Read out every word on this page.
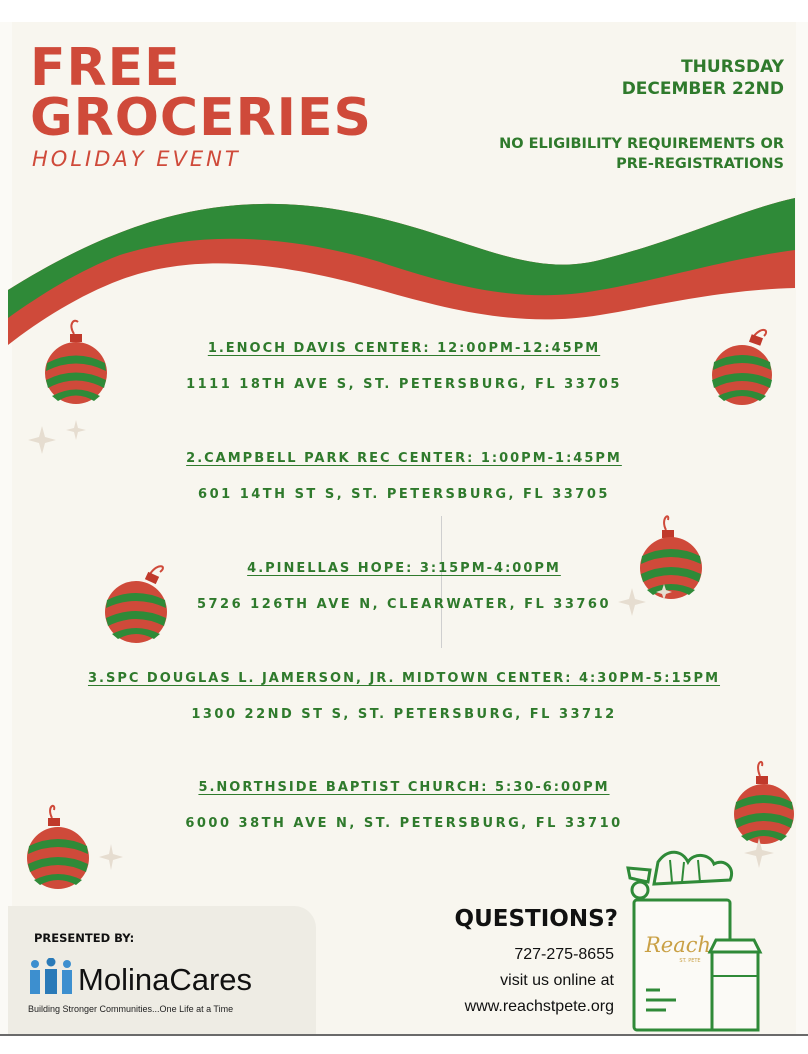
FREE
GROCERIES
HOLIDAY EVENT
THURSDAY
DECEMBER 22ND
NO ELIGIBILITY REQUIREMENTS OR
PRE-REGISTRATIONS
1.ENOCH DAVIS CENTER: 12:00PM-12:45PM
1111 18TH AVE S, ST. PETERSBURG, FL 33705
2.CAMPBELL PARK REC CENTER: 1:00PM-1:45PM
601 14TH ST S, ST. PETERSBURG, FL 33705
4.PINELLAS HOPE: 3:15PM-4:00PM
5726 126TH AVE N, CLEARWATER, FL 33760
3.SPC DOUGLAS L. JAMERSON, JR. MIDTOWN CENTER: 4:30PM-5:15PM
1300 22ND ST S, ST. PETERSBURG, FL 33712
5.NORTHSIDE BAPTIST CHURCH: 5:30-6:00PM
6000 38TH AVE N, ST. PETERSBURG, FL 33710
PRESENTED BY:
MolinaCares
Building Stronger Communities...One Life at a Time
QUESTIONS?
727-275-8655
visit us online at
www.reachstpete.org
Reach
ST. PETE
